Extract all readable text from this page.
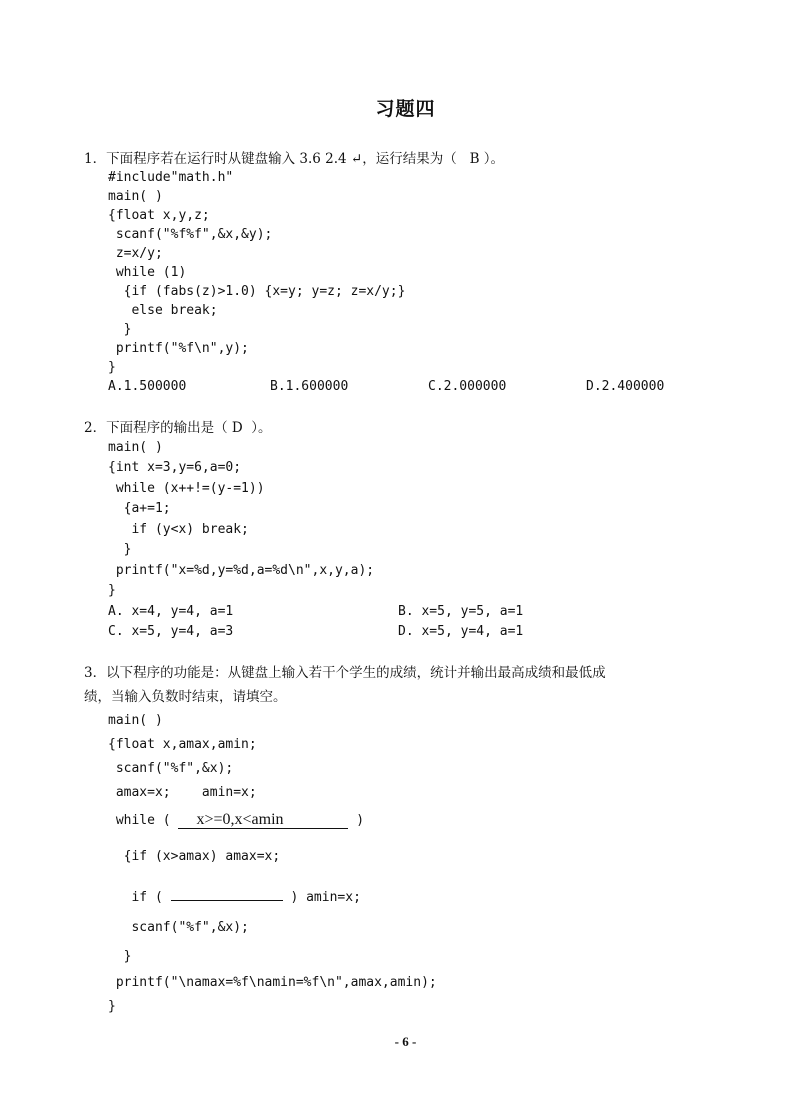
习题四
1．下面程序若在运行时从键盘输入 3.6 2.4 ↵，运行结果为（   B ）。
#include"math.h"
main( )
{float x,y,z;
scanf("%f%f",&x,&y);
z=x/y;
while (1)
{if (fabs(z)>1.0) {x=y; y=z; z=x/y;}
else break;
}
printf("%f\n",y);
}
A.1.500000	B.1.600000	C.2.000000	D.2.400000
2．下面程序的输出是（ D  ）。
main( )
{int x=3,y=6,a=0;
while (x++!=(y-=1))
{a+=1;
if (y<x) break;
}
printf("x=%d,y=%d,a=%d\n",x,y,a);
}
A. x=4, y=4, a=1	B. x=5, y=5, a=1
C. x=5, y=4, a=3	D. x=5, y=4, a=1
3．以下程序的功能是：从键盘上输入若干个学生的成绩，统计并输出最高成绩和最低成
绩，当输入负数时结束，请填空。
main( )
{float x,amax,amin;
scanf("%f",&x);
amax=x;    amin=x;
while ( x>=0,x<amin	)
{if (x>amax) amax=x;
if (	) amin=x;
scanf("%f",&x);
}
printf("\namax=%f\namin=%f\n",amax,amin);
}
- 6 -
